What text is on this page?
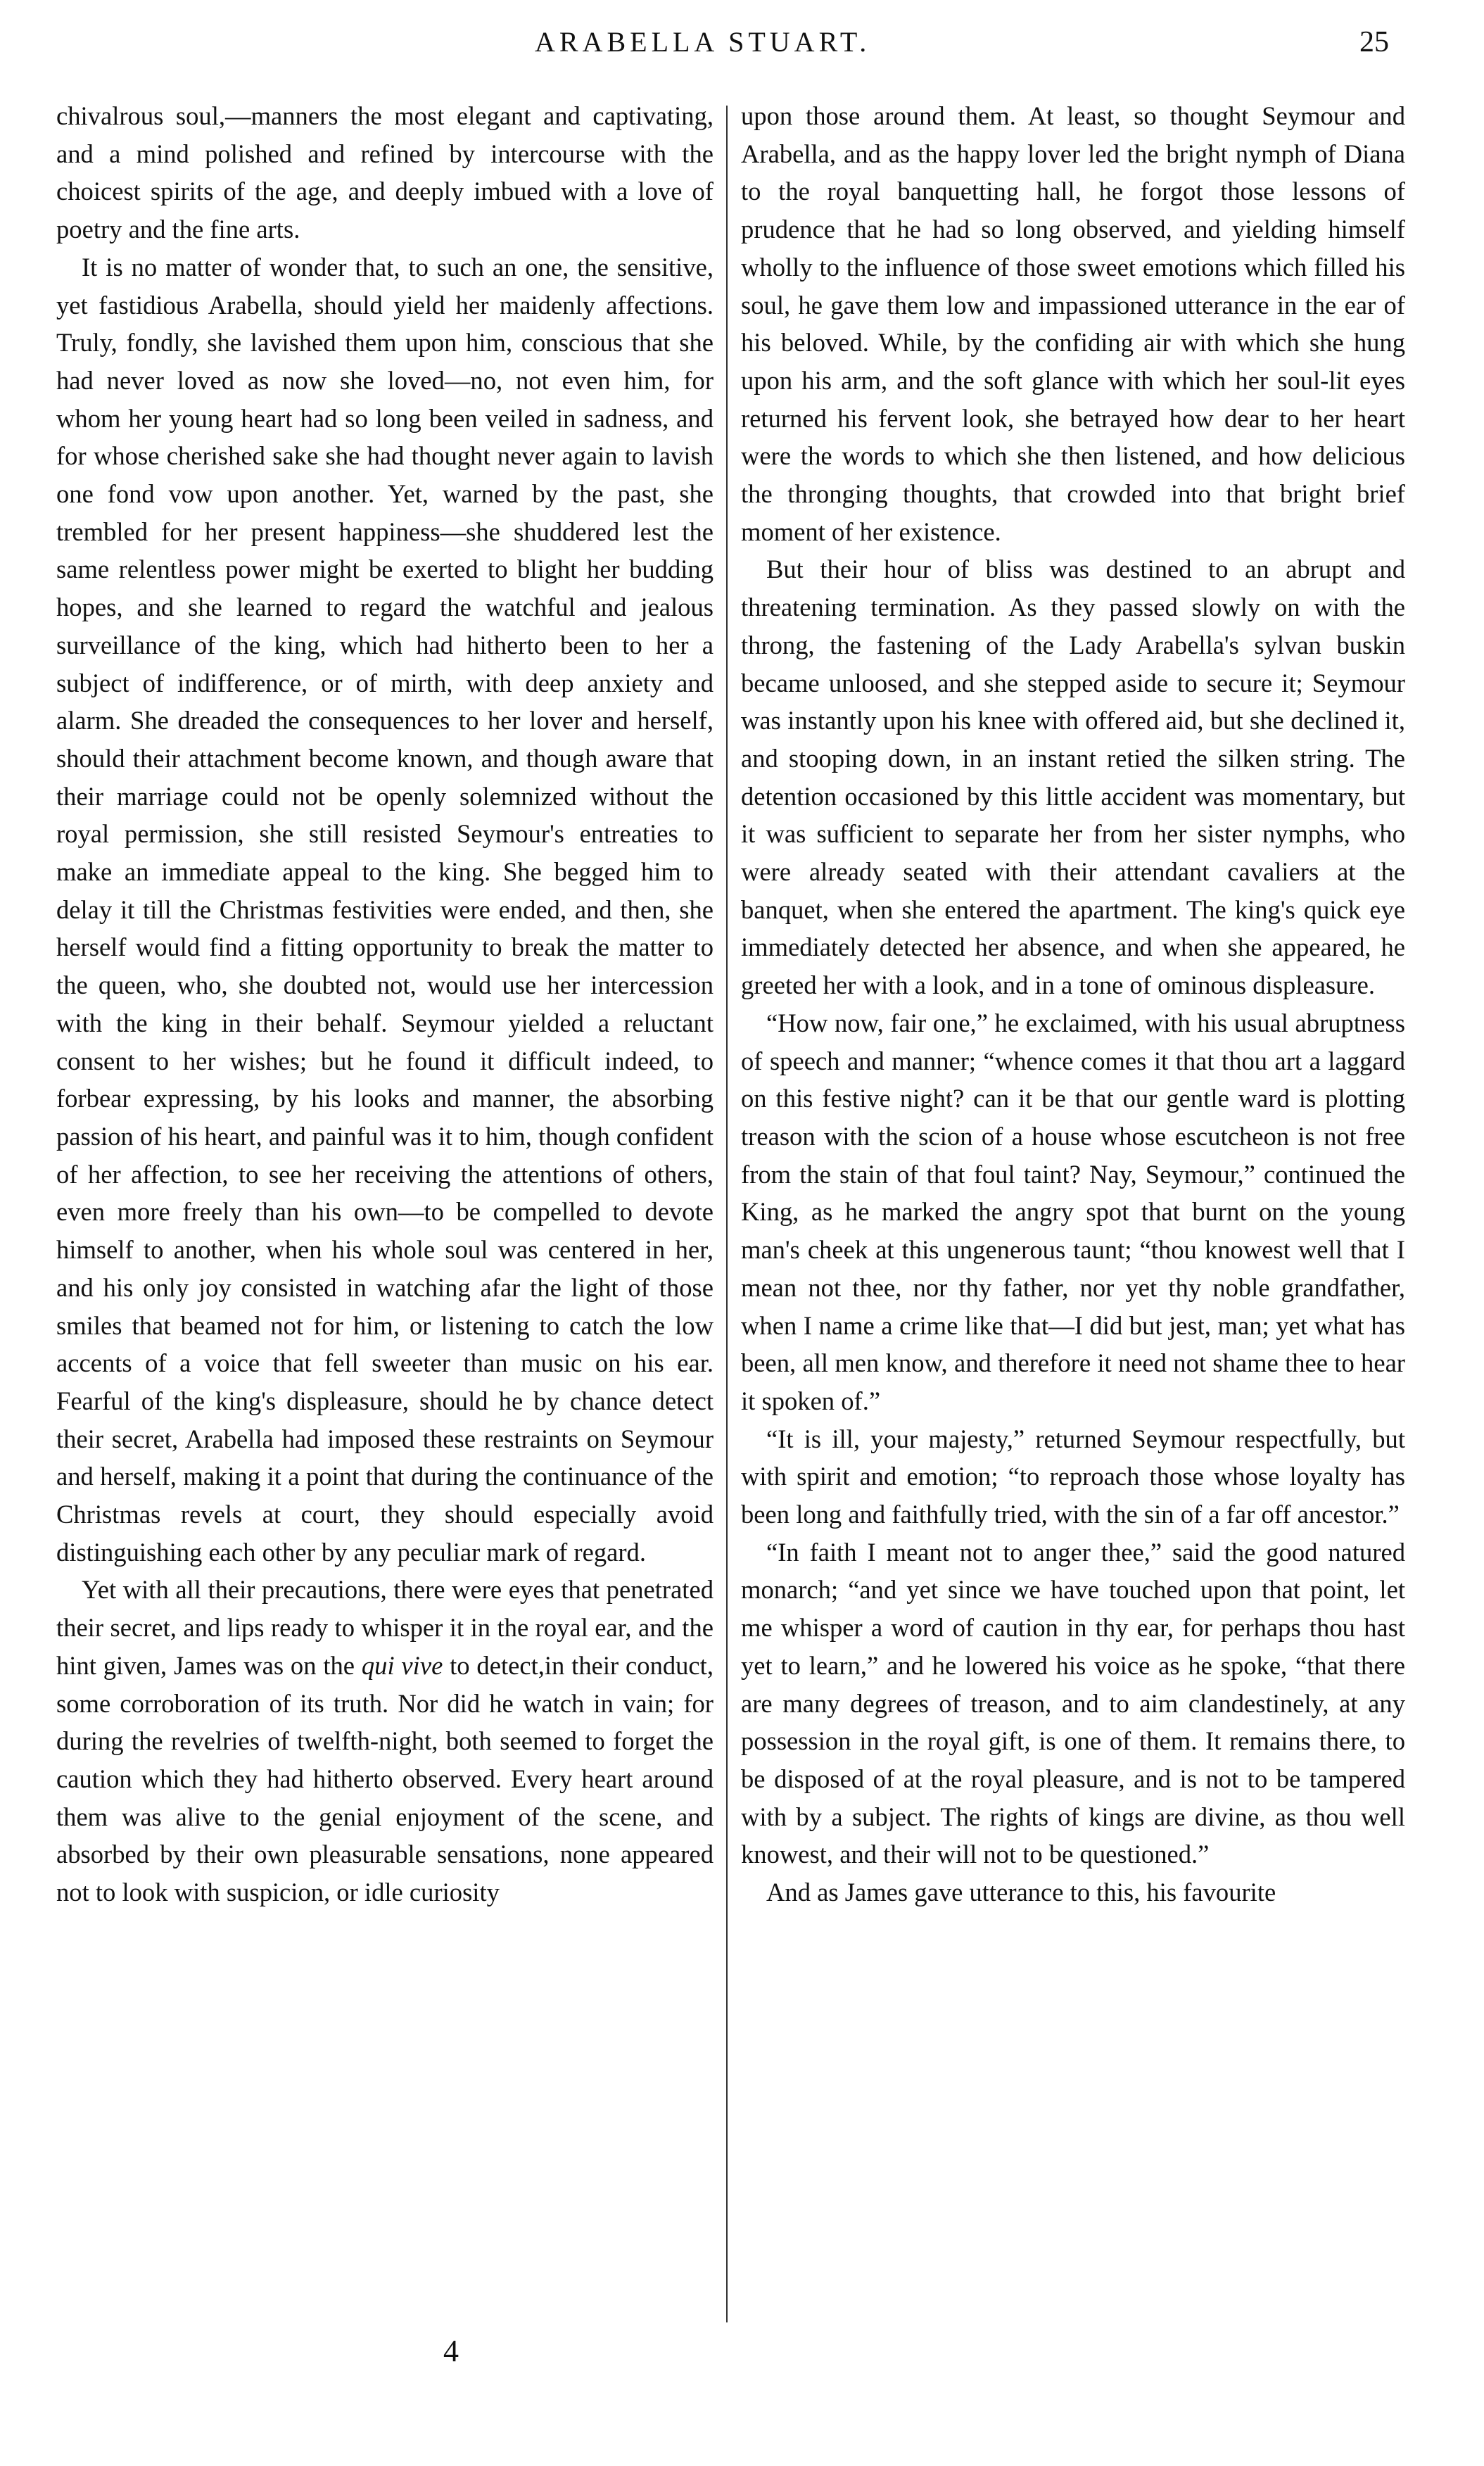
ARABELLA STUART.	25

chivalrous soul,—manners the most elegant and captivating, and a mind polished and refined by intercourse with the choicest spirits of the age, and deeply imbued with a love of poetry and the fine arts.

It is no matter of wonder that, to such an one, the sensitive, yet fastidious Arabella, should yield her maidenly affections. Truly, fondly, she lavished them upon him, conscious that she had never loved as now she loved—no, not even him, for whom her young heart had so long been veiled in sadness, and for whose cherished sake she had thought never again to lavish one fond vow upon another. Yet, warned by the past, she trembled for her present happiness—she shuddered lest the same relentless power might be exerted to blight her budding hopes, and she learned to regard the watchful and jealous surveillance of the king, which had hitherto been to her a subject of indifference, or of mirth, with deep anxiety and alarm. She dreaded the consequences to her lover and herself, should their attachment become known, and though aware that their marriage could not be openly solemnized without the royal permission, she still resisted Seymour's entreaties to make an immediate appeal to the king. She begged him to delay it till the Christmas festivities were ended, and then, she herself would find a fitting opportunity to break the matter to the queen, who, she doubted not, would use her intercession with the king in their behalf. Seymour yielded a reluctant consent to her wishes; but he found it difficult indeed, to forbear expressing, by his looks and manner, the absorbing passion of his heart, and painful was it to him, though confident of her affection, to see her receiving the attentions of others, even more freely than his own—to be compelled to devote himself to another, when his whole soul was centered in her, and his only joy consisted in watching afar the light of those smiles that beamed not for him, or listening to catch the low accents of a voice that fell sweeter than music on his ear. Fearful of the king's displeasure, should he by chance detect their secret, Arabella had imposed these restraints on Seymour and herself, making it a point that during the continuance of the Christmas revels at court, they should especially avoid distinguishing each other by any peculiar mark of regard.

Yet with all their precautions, there were eyes that penetrated their secret, and lips ready to whisper it in the royal ear, and the hint given, James was on the qui vive to detect,in their conduct, some corroboration of its truth. Nor did he watch in vain; for during the revelries of twelfth-night, both seemed to forget the caution which they had hitherto observed. Every heart around them was alive to the genial enjoyment of the scene, and absorbed by their own pleasurable sensations, none appeared not to look with suspicion, or idle curiosity

upon those around them. At least, so thought Seymour and Arabella, and as the happy lover led the bright nymph of Diana to the royal banquetting hall, he forgot those lessons of prudence that he had so long observed, and yielding himself wholly to the influence of those sweet emotions which filled his soul, he gave them low and impassioned utterance in the ear of his beloved. While, by the confiding air with which she hung upon his arm, and the soft glance with which her soul-lit eyes returned his fervent look, she betrayed how dear to her heart were the words to which she then listened, and how delicious the thronging thoughts, that crowded into that bright brief moment of her existence.

But their hour of bliss was destined to an abrupt and threatening termination. As they passed slowly on with the throng, the fastening of the Lady Arabella's sylvan buskin became unloosed, and she stepped aside to secure it; Seymour was instantly upon his knee with offered aid, but she declined it, and stooping down, in an instant retied the silken string. The detention occasioned by this little accident was momentary, but it was sufficient to separate her from her sister nymphs, who were already seated with their attendant cavaliers at the banquet, when she entered the apartment. The king's quick eye immediately detected her absence, and when she appeared, he greeted her with a look, and in a tone of ominous displeasure.

“How now, fair one,” he exclaimed, with his usual abruptness of speech and manner; “whence comes it that thou art a laggard on this festive night? can it be that our gentle ward is plotting treason with the scion of a house whose escutcheon is not free from the stain of that foul taint? Nay, Seymour,” continued the King, as he marked the angry spot that burnt on the young man's cheek at this ungenerous taunt; “thou knowest well that I mean not thee, nor thy father, nor yet thy noble grandfather, when I name a crime like that—I did but jest, man; yet what has been, all men know, and therefore it need not shame thee to hear it spoken of.”

“It is ill, your majesty,” returned Seymour respectfully, but with spirit and emotion; “to reproach those whose loyalty has been long and faithfully tried, with the sin of a far off ancestor.”

“In faith I meant not to anger thee,” said the good natured monarch; “and yet since we have touched upon that point, let me whisper a word of caution in thy ear, for perhaps thou hast yet to learn,” and he lowered his voice as he spoke, “that there are many degrees of treason, and to aim clandestinely, at any possession in the royal gift, is one of them. It remains there, to be disposed of at the royal pleasure, and is not to be tampered with by a subject. The rights of kings are divine, as thou well knowest, and their will not to be questioned.”

And as James gave utterance to this, his favourite

4
